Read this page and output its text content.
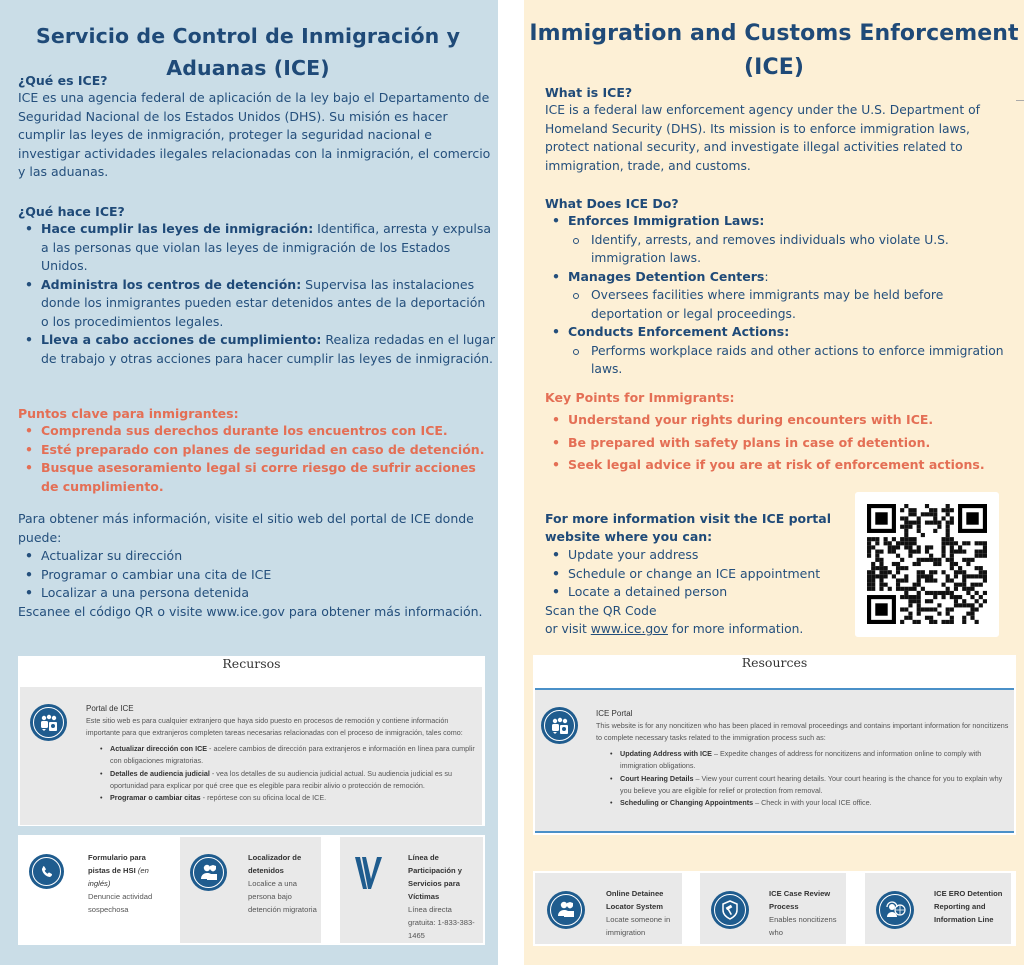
Servicio de Control de Inmigración y Aduanas (ICE)
¿Qué es ICE?
ICE es una agencia federal de aplicación de la ley bajo el Departamento de Seguridad Nacional de los Estados Unidos (DHS). Su misión es hacer cumplir las leyes de inmigración, proteger la seguridad nacional e investigar actividades ilegales relacionadas con la inmigración, el comercio y las aduanas.
¿Qué hace ICE?
• Hace cumplir las leyes de inmigración: Identifica, arresta y expulsa a las personas que violan las leyes de inmigración de los Estados Unidos.
• Administra los centros de detención: Supervisa las instalaciones donde los inmigrantes pueden estar detenidos antes de la deportación o los procedimientos legales.
• Lleva a cabo acciones de cumplimiento: Realiza redadas en el lugar de trabajo y otras acciones para hacer cumplir las leyes de inmigración.
Puntos clave para inmigrantes:
• Comprenda sus derechos durante los encuentros con ICE.
• Esté preparado con planes de seguridad en caso de detención.
• Busque asesoramiento legal si corre riesgo de sufrir acciones de cumplimiento.
Para obtener más información, visite el sitio web del portal de ICE donde puede:
• Actualizar su dirección
• Programar o cambiar una cita de ICE
• Localizar a una persona detenida
Escanee el código QR o visite www.ice.gov para obtener más información.
Recursos
Portal de ICE
Este sitio web es para cualquier extranjero que haya sido puesto en procesos de remoción y contiene información importante para que extranjeros completen tareas necesarias relacionadas con el proceso de inmigración, tales como:
• Actualizar dirección con ICE - acelere cambios de dirección para extranjeros e información en línea para cumplir con obligaciones migratorias.
• Detalles de audiencia judicial - vea los detalles de su audiencia judicial actual. Su audiencia judicial es su oportunidad para explicar por qué cree que es elegible para recibir alivio o protección de remoción.
• Programar o cambiar citas - repórtese con su oficina local de ICE.
Formulario para pistas de HSI (en inglés)
Denuncie actividad sospechosa
Localizador de detenidos
Localice a una persona bajo detención migratoria
Línea de Participación y Servicios para Víctimas
Línea directa gratuita: 1-833-383-1465
Immigration and Customs Enforcement (ICE)
What is ICE?
ICE is a federal law enforcement agency under the U.S. Department of Homeland Security (DHS). Its mission is to enforce immigration laws, protect national security, and investigate illegal activities related to immigration, trade, and customs.
What Does ICE Do?
• Enforces Immigration Laws:
Identify, arrests, and removes individuals who violate U.S. immigration laws.
• Manages Detention Centers:
Oversees facilities where immigrants may be held before deportation or legal proceedings.
• Conducts Enforcement Actions:
Performs workplace raids and other actions to enforce immigration laws.
Key Points for Immigrants:
• Understand your rights during encounters with ICE.
• Be prepared with safety plans in case of detention.
• Seek legal advice if you are at risk of enforcement actions.
For more information visit the ICE portal website where you can:
• Update your address
• Schedule or change an ICE appointment
• Locate a detained person
Scan the QR Code
or visit www.ice.gov for more information.
Resources
ICE Portal
This website is for any noncitizen who has been placed in removal proceedings and contains important information for noncitizens to complete necessary tasks related to the immigration process such as:
• Updating Address with ICE – Expedite changes of address for noncitizens and information online to comply with immigration obligations.
• Court Hearing Details – View your current court hearing details. Your court hearing is the chance for you to explain why you believe you are eligible for relief or protection from removal.
• Scheduling or Changing Appointments – Check in with your local ICE office.
Online Detainee Locator System
Locate someone in immigration
ICE Case Review Process
Enables noncitizens who
ICE ERO Detention Reporting and Information Line
